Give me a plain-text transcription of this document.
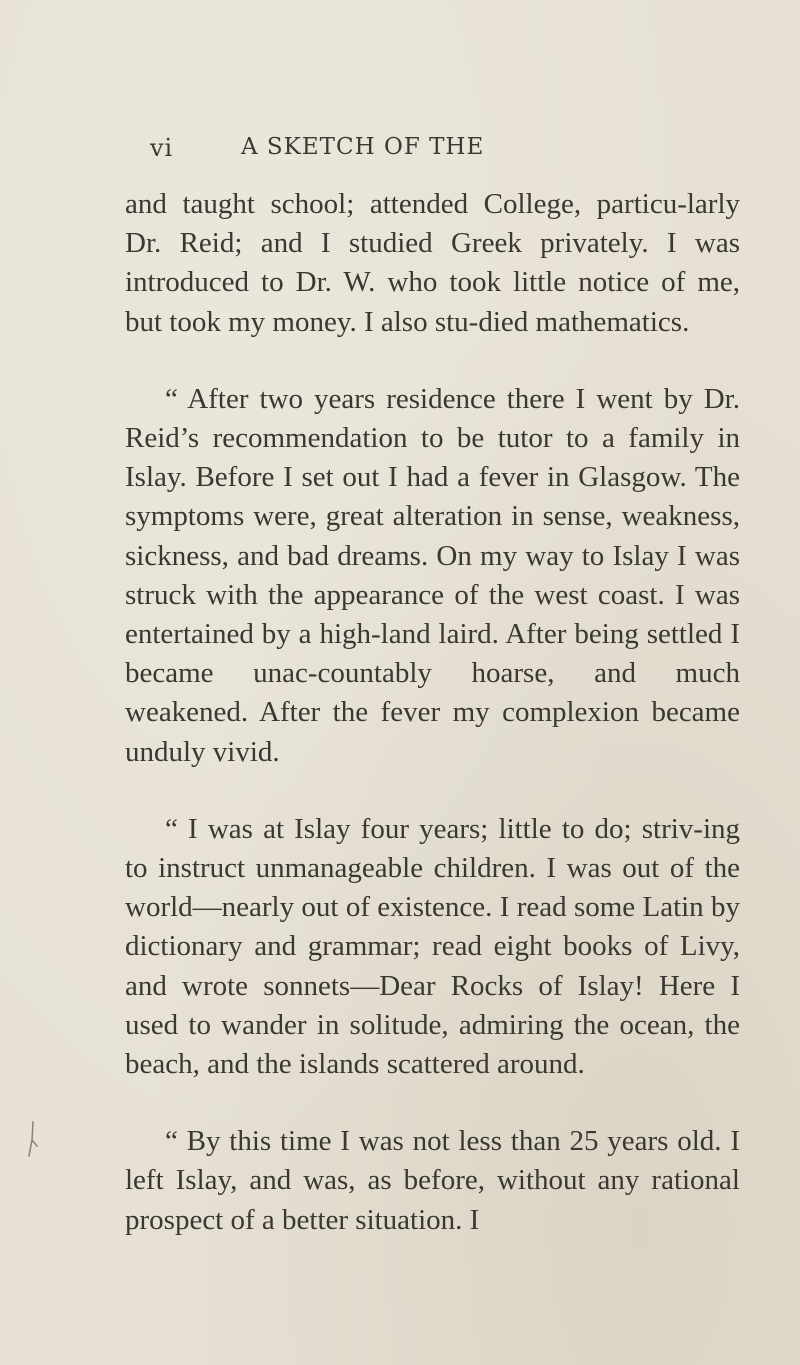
vi	A SKETCH OF THE

and taught school; attended College, particu-larly Dr. Reid; and I studied Greek privately. I was introduced to Dr. W. who took little notice of me, but took my money. I also stu-died mathematics.

“ After two years residence there I went by Dr. Reid’s recommendation to be tutor to a family in Islay. Before I set out I had a fever in Glasgow. The symptoms were, great alteration in sense, weakness, sickness, and bad dreams. On my way to Islay I was struck with the appearance of the west coast. I was entertained by a high-land laird. After being settled I became unac-countably hoarse, and much weakened. After the fever my complexion became unduly vivid.

“ I was at Islay four years; little to do; striv-ing to instruct unmanageable children. I was out of the world—nearly out of existence. I read some Latin by dictionary and grammar; read eight books of Livy, and wrote sonnets—Dear Rocks of Islay! Here I used to wander in solitude, admiring the ocean, the beach, and the islands scattered around.

“ By this time I was not less than 25 years old. I left Islay, and was, as before, without any rational prospect of a better situation. I
